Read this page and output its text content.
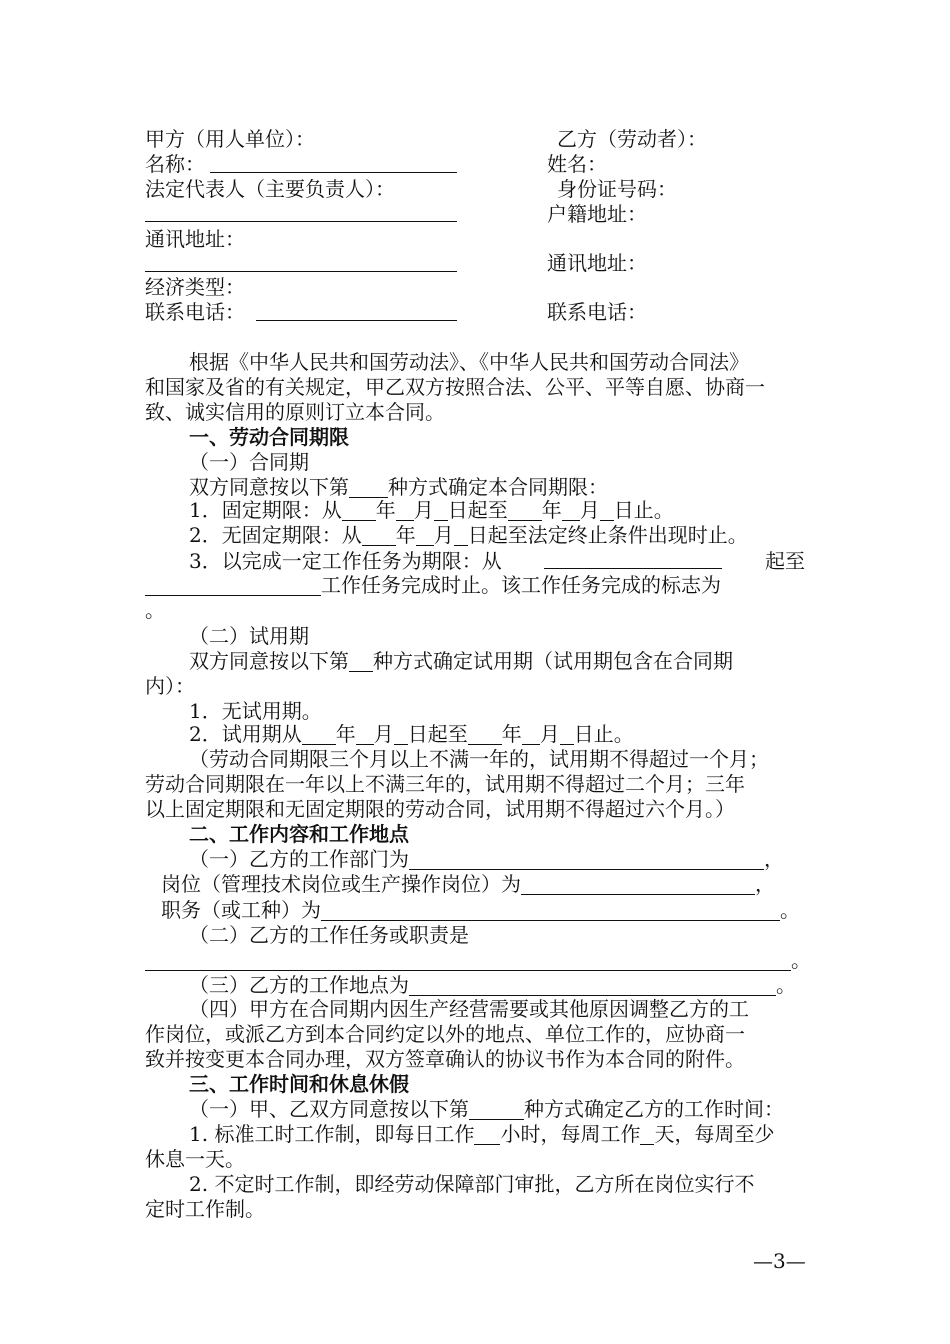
甲方（用人单位）：
名称：
法定代表人（主要负责人）：
通讯地址：
经济类型：
联系电话：
乙方（劳动者）：
姓名：
身份证号码：
户籍地址：
通讯地址：
联系电话：
根据《中华人民共和国劳动法》、《中华人民共和国劳动合同法》
和国家及省的有关规定，甲乙双方按照合法、公平、平等自愿、协商一
致、诚实信用的原则订立本合同。
一、劳动合同期限
（一）合同期
双方同意按以下第 种方式确定本合同期限：
1．固定期限：从 年 月 日起至 年 月 日止。
2．无固定期限：从 年 月 日起至法定终止条件出现时止。
3．以完成一定工作任务为期限：从	起至
工作任务完成时止。该工作任务完成的标志为
。
（二）试用期
双方同意按以下第 种方式确定试用期（试用期包含在合同期
内）：
1．无试用期。
2．试用期从 年 月 日起至 年 月 日止。
（劳动合同期限三个月以上不满一年的，试用期不得超过一个月；
劳动合同期限在一年以上不满三年的，试用期不得超过二个月；三年
以上固定期限和无固定期限的劳动合同，试用期不得超过六个月。）
二、工作内容和工作地点
（一）乙方的工作部门为	，
岗位（管理技术岗位或生产操作岗位）为	，
职务（或工种）为	。
（二）乙方的工作任务或职责是
。
（三）乙方的工作地点为	。
（四）甲方在合同期内因生产经营需要或其他原因调整乙方的工
作岗位，或派乙方到本合同约定以外的地点、单位工作的，应协商一
致并按变更本合同办理，双方签章确认的协议书作为本合同的附件。
三、工作时间和休息休假
（一）甲、乙双方同意按以下第	种方式确定乙方的工作时间：
1. 标准工时工作制，即每日工作 小时，每周工作 天，每周至少
休息一天。
2. 不定时工作制，即经劳动保障部门审批，乙方所在岗位实行不
定时工作制。
—3—
